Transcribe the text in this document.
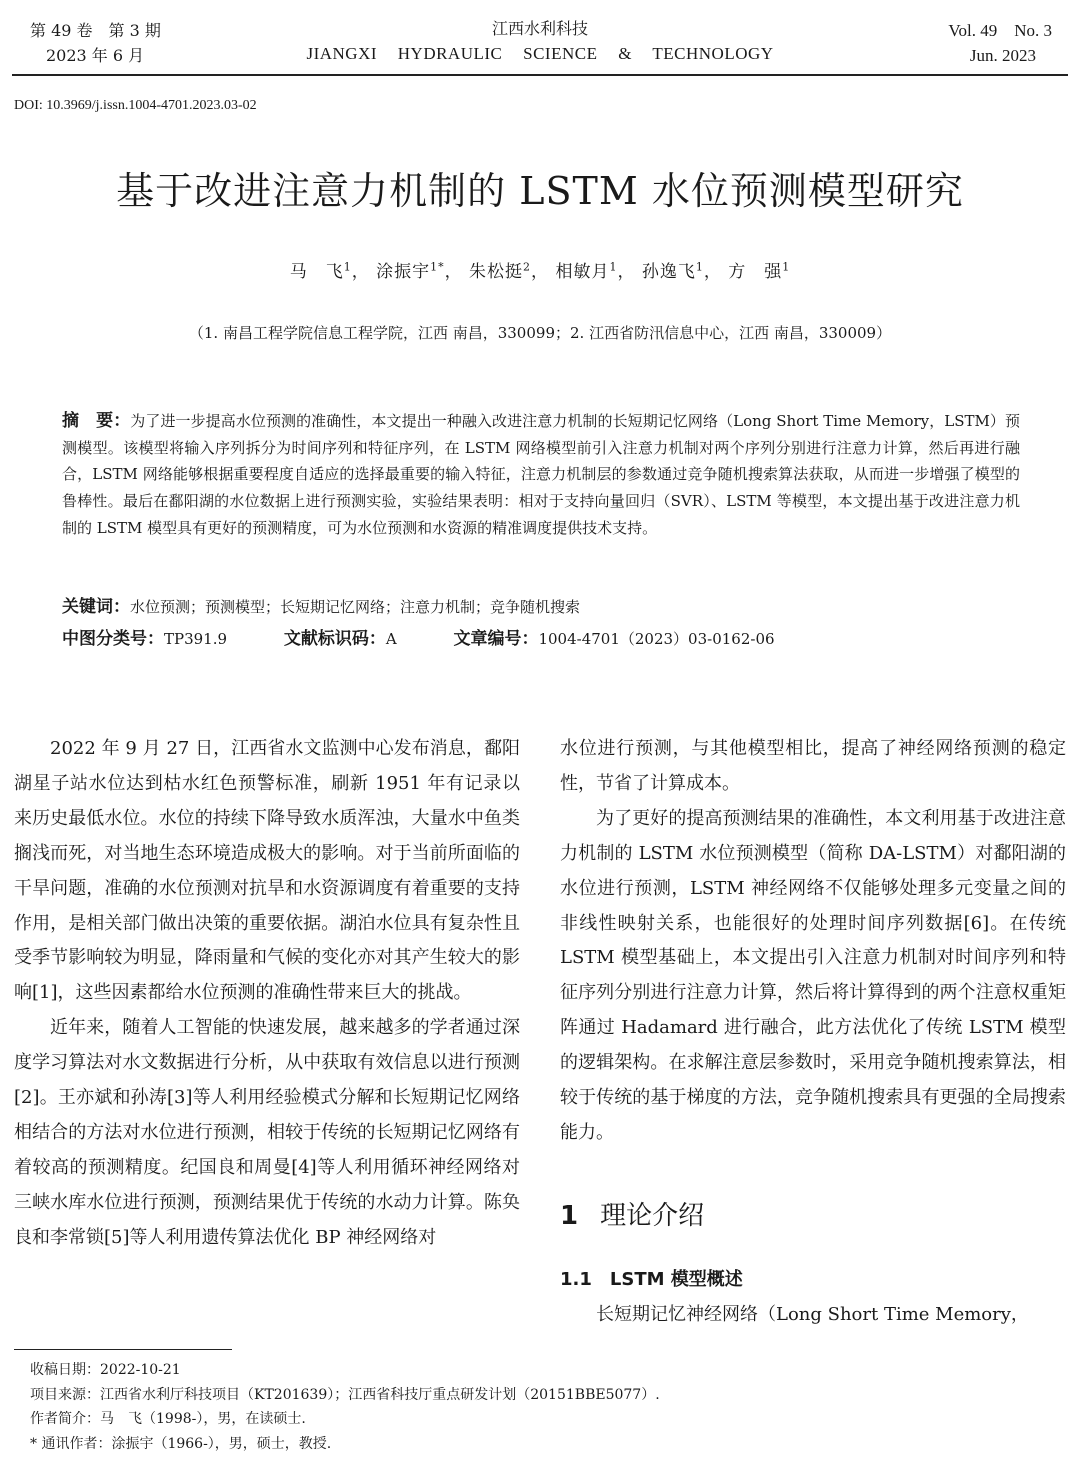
第 49 卷　第 3 期
2023 年 6 月
江西水利科技
JIANGXI HYDRAULIC SCIENCE & TECHNOLOGY
Vol. 49　No. 3
Jun. 2023
DOI: 10.3969/j.issn.1004-4701.2023.03-02
基于改进注意力机制的 LSTM 水位预测模型研究
马　飞$^1$， 涂振宇$^{1*}$， 朱松挺$^2$， 相敏月$^1$， 孙逸飞$^1$， 方　强$^1$
（1. 南昌工程学院信息工程学院，江西 南昌，330099；2. 江西省防汛信息中心，江西 南昌，330009）
摘　要：为了进一步提高水位预测的准确性，本文提出一种融入改进注意力机制的长短期记忆网络（Long Short Time Memory，LSTM）预测模型。该模型将输入序列拆分为时间序列和特征序列，在 LSTM 网络模型前引入注意力机制对两个序列分别进行注意力计算，然后再进行融合，LSTM 网络能够根据重要程度自适应的选择最重要的输入特征，注意力机制层的参数通过竞争随机搜索算法获取，从而进一步增强了模型的鲁棒性。最后在鄱阳湖的水位数据上进行预测实验，实验结果表明：相对于支持向量回归（SVR）、LSTM 等模型，本文提出基于改进注意力机制的 LSTM 模型具有更好的预测精度，可为水位预测和水资源的精准调度提供技术支持。
关键词：水位预测；预测模型；长短期记忆网络；注意力机制；竞争随机搜索
中图分类号：TP391.9	文献标识码：A	文章编号：1004-4701（2023）03-0162-06

2022 年 9 月 27 日，江西省水文监测中心发布消息，鄱阳湖星子站水位达到枯水红色预警标准，刷新 1951 年有记录以来历史最低水位。水位的持续下降导致水质浑浊，大量水中鱼类搁浅而死，对当地生态环境造成极大的影响。对于当前所面临的干旱问题，准确的水位预测对抗旱和水资源调度有着重要的支持作用，是相关部门做出决策的重要依据。湖泊水位具有复杂性且受季节影响较为明显，降雨量和气候的变化亦对其产生较大的影响[1]，这些因素都给水位预测的准确性带来巨大的挑战。

近年来，随着人工智能的快速发展，越来越多的学者通过深度学习算法对水文数据进行分析，从中获取有效信息以进行预测[2]。王亦斌和孙涛[3]等人利用经验模式分解和长短期记忆网络相结合的方法对水位进行预测，相较于传统的长短期记忆网络有着较高的预测精度。纪国良和周曼[4]等人利用循环神经网络对三峡水库水位进行预测，预测结果优于传统的水动力计算。陈奂良和李常锁[5]等人利用遗传算法优化 BP 神经网络对

水位进行预测，与其他模型相比，提高了神经网络预测的稳定性，节省了计算成本。

为了更好的提高预测结果的准确性，本文利用基于改进注意力机制的 LSTM 水位预测模型（简称 DA-LSTM）对鄱阳湖的水位进行预测，LSTM 神经网络不仅能够处理多元变量之间的非线性映射关系，也能很好的处理时间序列数据[6]。在传统 LSTM 模型基础上，本文提出引入注意力机制对时间序列和特征序列分别进行注意力计算，然后将计算得到的两个注意权重矩阵通过 Hadamard 进行融合，此方法优化了传统 LSTM 模型的逻辑架构。在求解注意层参数时，采用竞争随机搜索算法，相较于传统的基于梯度的方法，竞争随机搜索具有更强的全局搜索能力。

1 理论介绍
1.1 LSTM 模型概述

长短期记忆神经网络（Long Short Time Memory，

收稿日期：2022-10-21
项目来源：江西省水利厅科技项目（KT201639）；江西省科技厅重点研发计划（20151BBE5077）.
作者简介：马　飞（1998-），男，在读硕士.
* 通讯作者：涂振宇（1966-），男，硕士，教授.
